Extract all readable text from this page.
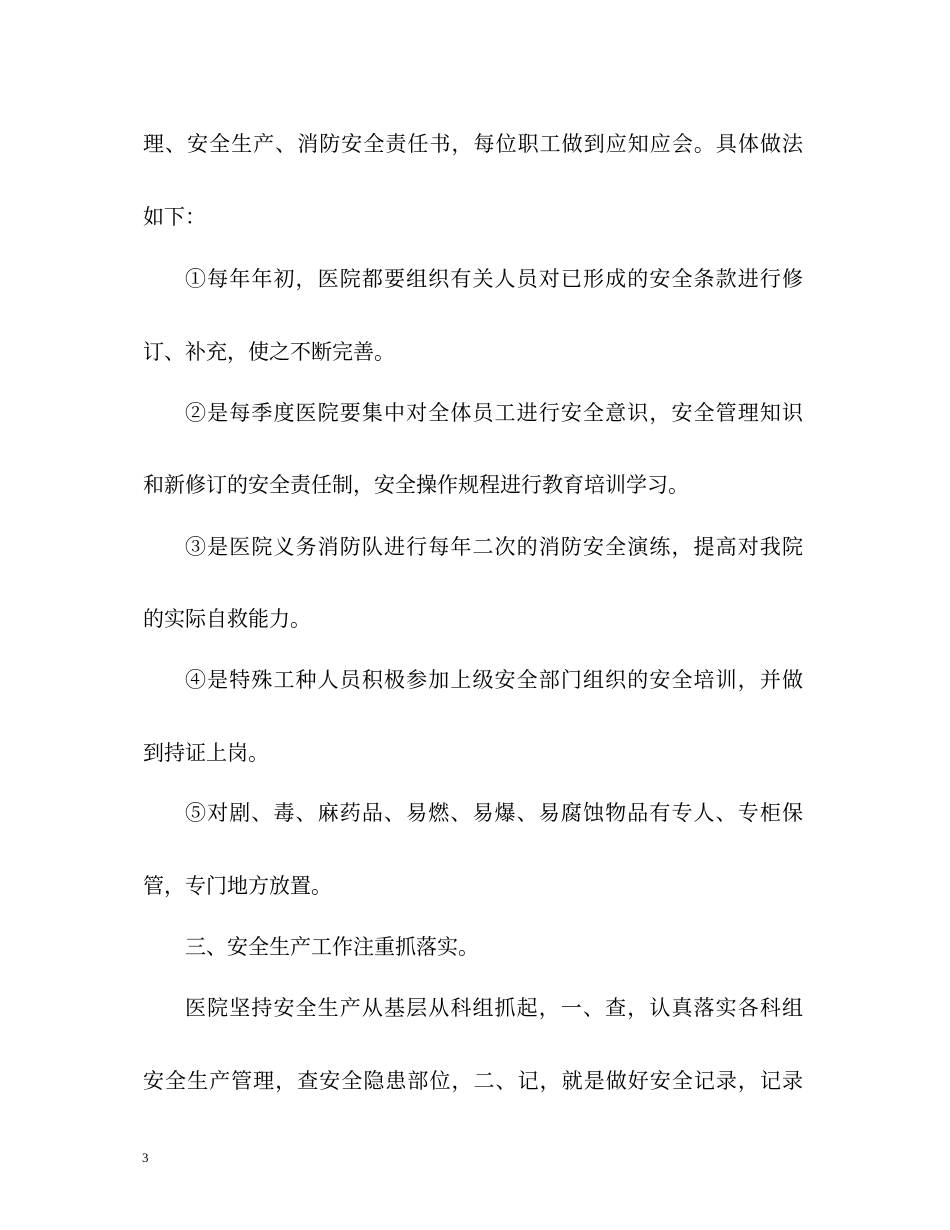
理、安全生产、消防安全责任书，每位职工做到应知应会。具体做法
如下：
①每年年初，医院都要组织有关人员对已形成的安全条款进行修
订、补充，使之不断完善。
②是每季度医院要集中对全体员工进行安全意识，安全管理知识
和新修订的安全责任制，安全操作规程进行教育培训学习。
③是医院义务消防队进行每年二次的消防安全演练，提高对我院
的实际自救能力。
④是特殊工种人员积极参加上级安全部门组织的安全培训，并做
到持证上岗。
⑤对剧、毒、麻药品、易燃、易爆、易腐蚀物品有专人、专柜保
管，专门地方放置。
三、安全生产工作注重抓落实。
医院坚持安全生产从基层从科组抓起，一、查，认真落实各科组
安全生产管理，查安全隐患部位，二、记，就是做好安全记录，记录
3
